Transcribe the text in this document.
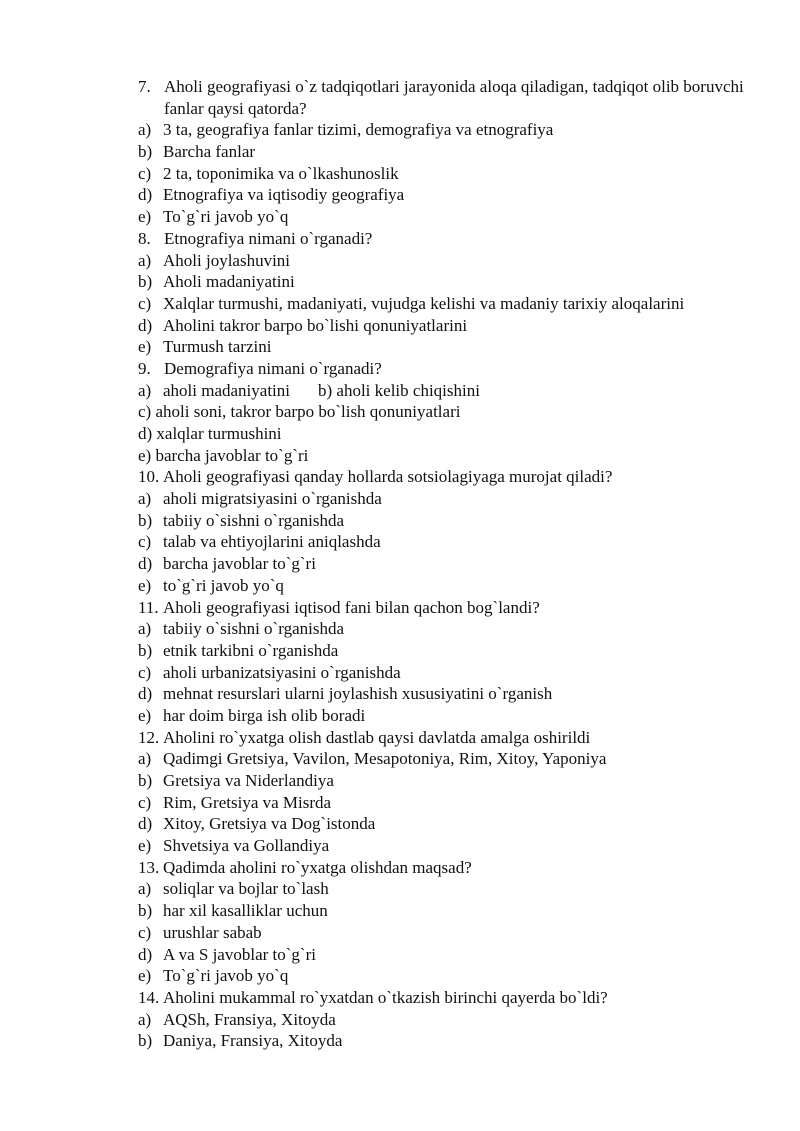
7. Aholi geografiyasi o`z tadqiqotlari jarayonida aloqa qiladigan, tadqiqot olib boruvchi fanlar qaysi qatorda?
a) 3 ta, geografiya fanlar tizimi, demografiya va etnografiya
b) Barcha fanlar
c) 2 ta, toponimika va o`lkashunoslik
d) Etnografiya va iqtisodiy geografiya
e) To`g`ri javob yo`q
8. Etnografiya nimani o`rganadi?
a) Aholi joylashuvini
b) Aholi madaniyatini
c) Xalqlar turmushi, madaniyati, vujudga kelishi va madaniy tarixiy aloqalarini
d) Aholini takror barpo bo`lishi qonuniyatlarini
e) Turmush tarzini
9. Demografiya nimani o`rganadi?
a) aholi madaniyatini b) aholi kelib chiqishini
c) aholi soni, takror barpo bo`lish qonuniyatlari
d) xalqlar turmushini
e) barcha javoblar to`g`ri
10. Aholi geografiyasi qanday hollarda sotsiolagiyaga murojat qiladi?
a) aholi migratsiyasini o`rganishda
b) tabiiy o`sishni o`rganishda
c) talab va ehtiyojlarini aniqlashda
d) barcha javoblar to`g`ri
e) to`g`ri javob yo`q
11. Aholi geografiyasi iqtisod fani bilan qachon bog`landi?
a) tabiiy o`sishni o`rganishda
b) etnik tarkibni o`rganishda
c) aholi urbanizatsiyasini o`rganishda
d) mehnat resurslari ularni joylashish xususiyatini o`rganish
e) har doim birga ish olib boradi
12. Aholini ro`yxatga olish dastlab qaysi davlatda amalga oshirildi
a) Qadimgi Gretsiya, Vavilon, Mesapotoniya, Rim, Xitoy, Yaponiya
b) Gretsiya va Niderlandiya
c) Rim, Gretsiya va Misrda
d) Xitoy, Gretsiya va Dog`istonda
e) Shvetsiya va Gollandiya
13. Qadimda aholini ro`yxatga olishdan maqsad?
a) soliqlar va bojlar to`lash
b) har xil kasalliklar uchun
c) urushlar sabab
d) A va S javoblar to`g`ri
e) To`g`ri javob yo`q
14. Aholini mukammal ro`yxatdan o`tkazish birinchi qayerda bo`ldi?
a) AQSh, Fransiya, Xitoyda
b) Daniya, Fransiya, Xitoyda
